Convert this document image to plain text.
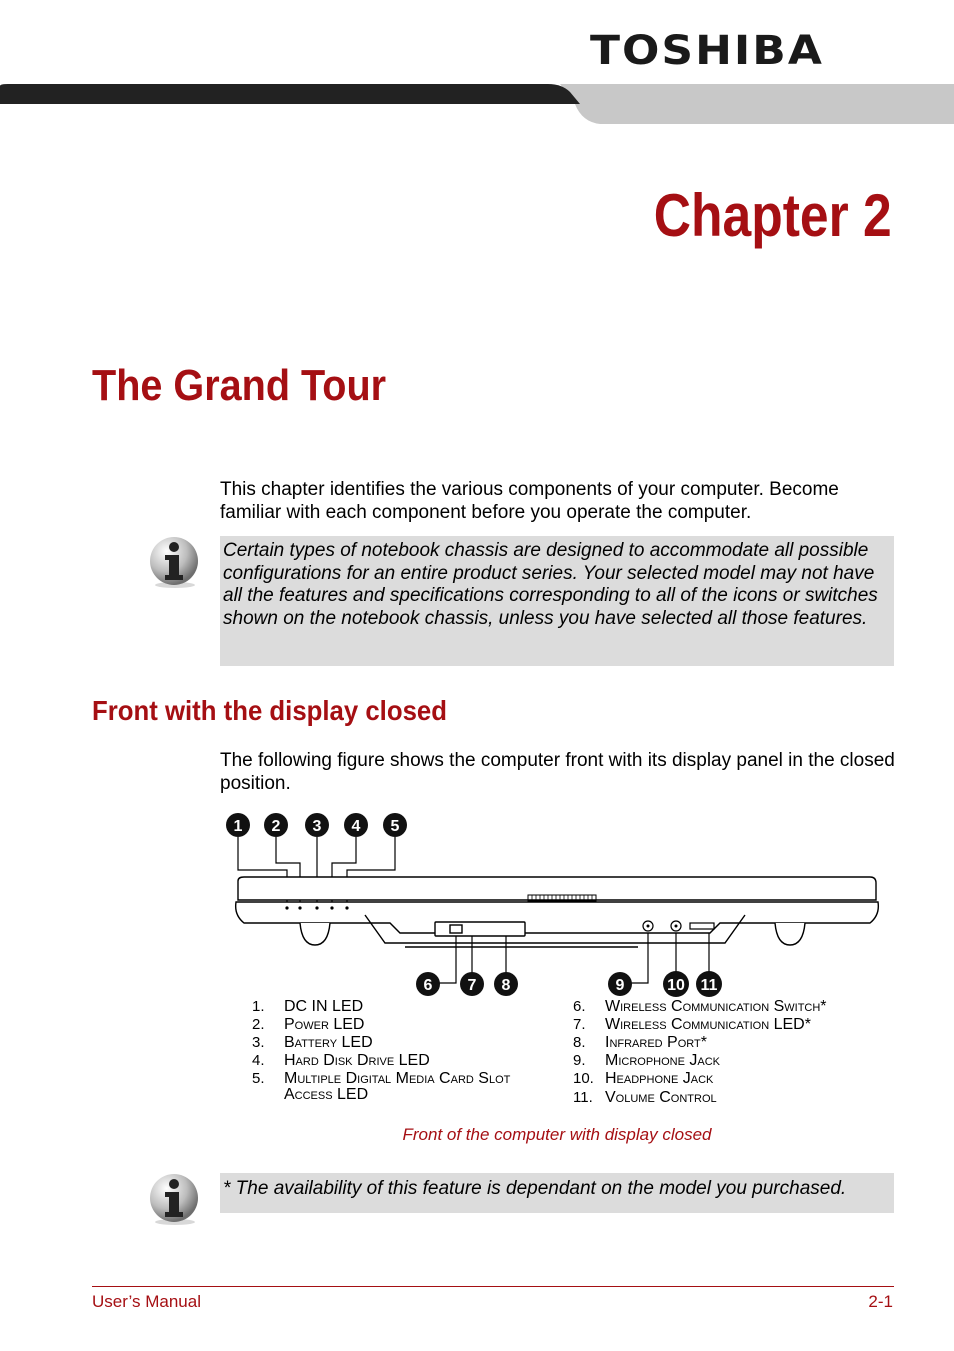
TOSHIBA
Chapter 2
The Grand Tour
This chapter identifies the various components of your computer. Become familiar with each component before you operate the computer.
Certain types of notebook chassis are designed to accommodate all possible configurations for an entire product series. Your selected model may not have all the features and specifications corresponding to all of the icons or switches shown on the notebook chassis, unless you have selected all those features.
Front with the display closed
The following figure shows the computer front with its display panel in the closed position.
1 2 3 4 5
6 7 8	9	10 11
1. DC IN LED
2. Power LED
3. Battery LED
4. Hard Disk Drive LED
5. Multiple Digital Media Card Slot
Access LED
6. Wireless Communication Switch*
7. Wireless Communication LED*
8. Infrared Port*
9. Microphone Jack
10. Headphone Jack
11. Volume Control
Front of the computer with display closed
* The availability of this feature is dependant on the model you purchased.
User’s Manual	2-1
